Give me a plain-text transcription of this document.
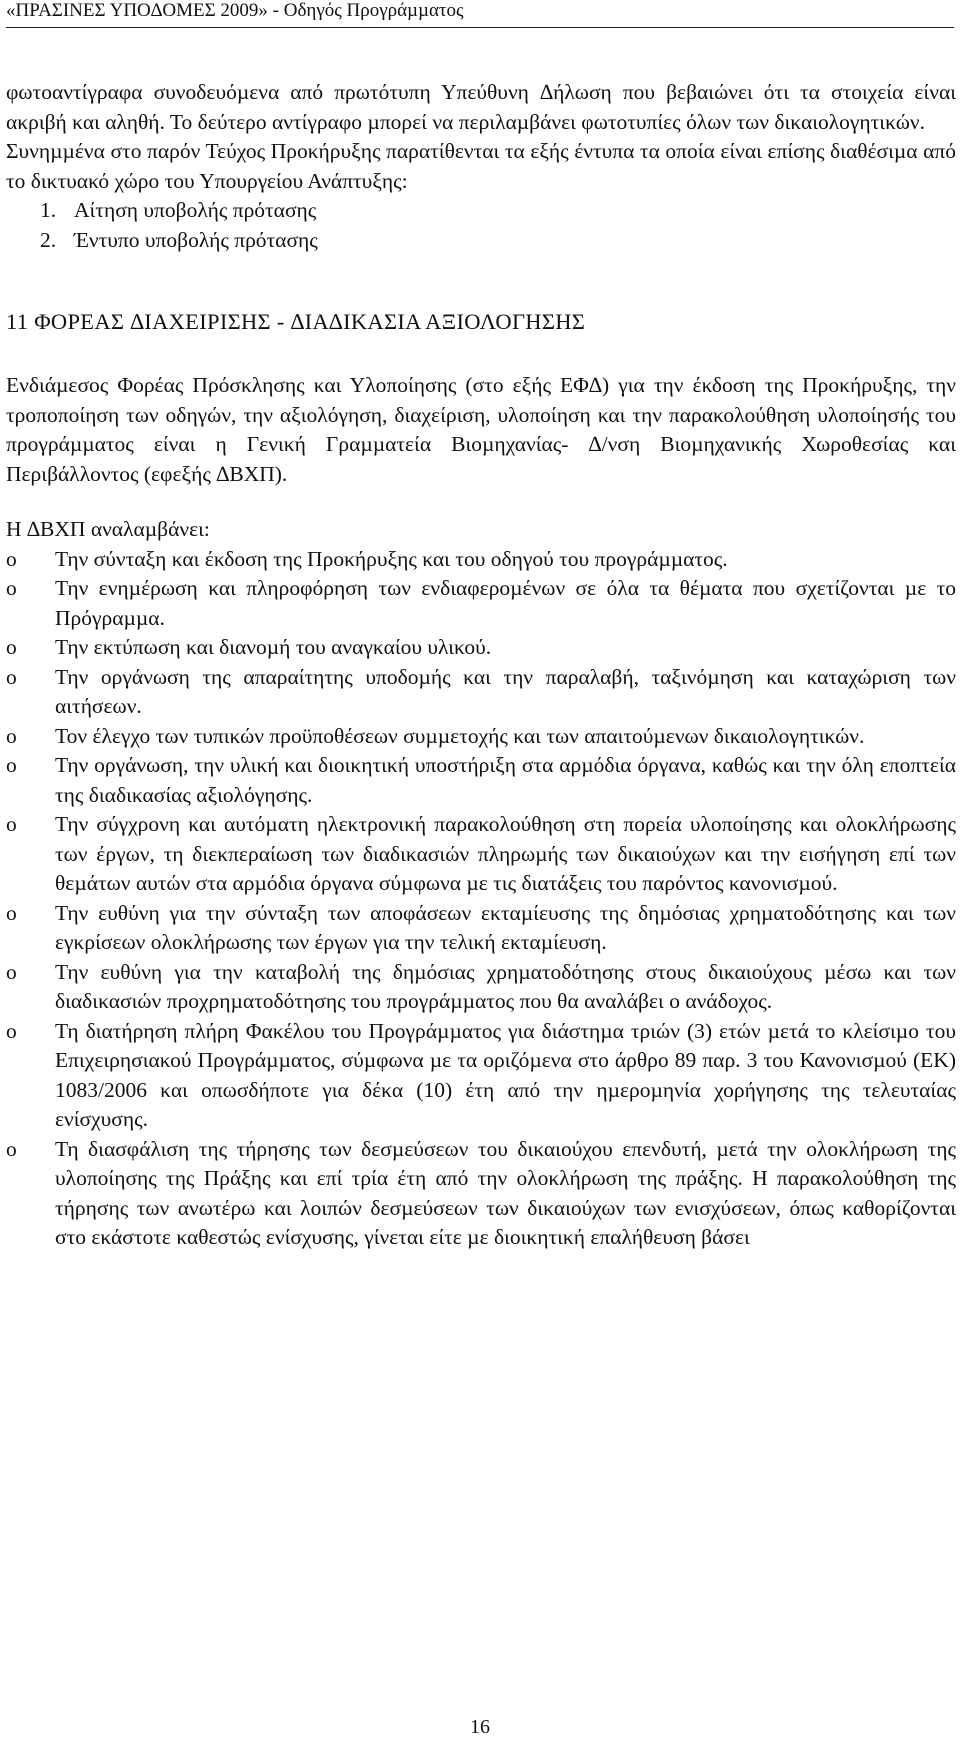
«ΠΡΑΣΙΝΕΣ ΥΠΟ∆ΟΜΕΣ 2009» - Οδηγός Προγράµµατος

φωτοαντίγραφα συνοδευόµενα από πρωτότυπη Υπεύθυνη ∆ήλωση που βεβαιώνει ότι τα στοιχεία είναι ακριβή και αληθή. Το δεύτερο αντίγραφο µπορεί να περιλαµβάνει φωτοτυπίες όλων των δικαιολογητικών.

Συνηµµένα στο παρόν Τεύχος Προκήρυξης παρατίθενται τα εξής έντυπα τα οποία είναι επίσης διαθέσιµα από το δικτυακό χώρο του Υπουργείου Ανάπτυξης:

1. Αίτηση υποβολής πρότασης
2. Έντυπο υποβολής πρότασης
11 ΦΟΡΕΑΣ ∆ΙΑΧΕΙΡΙΣΗΣ - ∆ΙΑ∆ΙΚΑΣΙΑ ΑΞΙΟΛΟΓΗΣΗΣ

Ενδιάµεσος Φορέας Πρόσκλησης και Υλοποίησης (στο εξής ΕΦ∆) για την έκδοση της Προκήρυξης, την τροποποίηση των οδηγών, την αξιολόγηση, διαχείριση, υλοποίηση και την παρακολούθηση υλοποίησής του προγράµµατος είναι η Γενική Γραµµατεία Βιοµηχανίας- ∆/νση Βιοµηχανικής Χωροθεσίας και Περιβάλλοντος (εφεξής ∆ΒΧΠ).

Η ∆ΒΧΠ αναλαµβάνει:

o Την σύνταξη και έκδοση της Προκήρυξης και του οδηγού του προγράµµατος.
o Την ενηµέρωση και πληροφόρηση των ενδιαφεροµένων σε όλα τα θέµατα που σχετίζονται µε το Πρόγραµµα.
o Την εκτύπωση και διανοµή του αναγκαίου υλικού.
o Την οργάνωση της απαραίτητης υποδοµής και την παραλαβή, ταξινόµηση και καταχώριση των αιτήσεων.
o Τον έλεγχο των τυπικών προϋποθέσεων συµµετοχής και των απαιτούµενων δικαιολογητικών.
o Την οργάνωση, την υλική και διοικητική υποστήριξη στα αρµόδια όργανα, καθώς και την όλη εποπτεία της διαδικασίας αξιολόγησης.
o Την σύγχρονη και αυτόµατη ηλεκτρονική παρακολούθηση στη πορεία υλοποίησης και ολοκλήρωσης των έργων, τη διεκπεραίωση των διαδικασιών πληρωµής των δικαιούχων και την εισήγηση επί των θεµάτων αυτών στα αρµόδια όργανα σύµφωνα µε τις διατάξεις του παρόντος κανονισµού.
o Την ευθύνη για την σύνταξη των αποφάσεων εκταµίευσης της δηµόσιας χρηµατοδότησης και των εγκρίσεων ολοκλήρωσης των έργων για την τελική εκταµίευση.
o Την ευθύνη για την καταβολή της δηµόσιας χρηµατοδότησης στους δικαιούχους µέσω και των διαδικασιών προχρηµατοδότησης του προγράµµατος που θα αναλάβει ο ανάδοχος.
o Τη διατήρηση πλήρη Φακέλου του Προγράµµατος για διάστηµα τριών (3) ετών µετά το κλείσιµο του Επιχειρησιακού Προγράµµατος, σύµφωνα µε τα οριζόµενα στο άρθρο 89 παρ. 3 του Κανονισµού (ΕΚ) 1083/2006 και οπωσδήποτε για δέκα (10) έτη από την ηµεροµηνία χορήγησης της τελευταίας ενίσχυσης.
o Τη διασφάλιση της τήρησης των δεσµεύσεων του δικαιούχου επενδυτή, µετά την ολοκλήρωση της υλοποίησης της Πράξης και επί τρία έτη από την ολοκλήρωση της πράξης. Η παρακολούθηση της τήρησης των ανωτέρω και λοιπών δεσµεύσεων των δικαιούχων των ενισχύσεων, όπως καθορίζονται στο εκάστοτε καθεστώς ενίσχυσης, γίνεται είτε µε διοικητική επαλήθευση βάσει
16
